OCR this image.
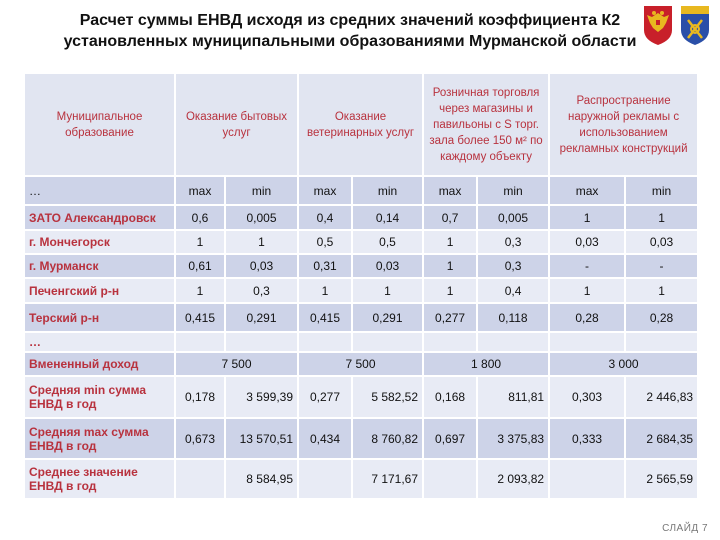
Расчет суммы ЕНВД исходя из средних значений коэффициента К2 установленных муниципальными образованиями Мурманской области
Муниципальное образование	Оказание бытовых услуг		Оказание ветеринарных услуг		Розничная торговля через магазины и павильоны с S торг. зала более 150 м² по каждому объекту		Распространение наружной рекламы с использованием рекламных конструкций	
…	max	min	max	min	max	min	max	min
ЗАТО Александровск	0,6	0,005	0,4	0,14	0,7	0,005	1	1
г. Мончегорск	1	1	0,5	0,5	1	0,3	0,03	0,03
г. Мурманск	0,61	0,03	0,31	0,03	1	0,3	-	-
Печенгский р-н	1	0,3	1	1	1	0,4	1	1
Терский р-н	0,415	0,291	0,415	0,291	0,277	0,118	0,28	0,28
…								
Вмененный доход	7 500		7 500		1 800		3 000	
Средняя min сумма ЕНВД в год	0,178	3 599,39	0,277	5 582,52	0,168	811,81	0,303	2 446,83
Средняя max сумма ЕНВД в год	0,673	13 570,51	0,434	8 760,82	0,697	3 375,83	0,333	2 684,35
Среднее значение ЕНВД в год		8 584,95		7 171,67		2 093,82		2 565,59
СЛАЙД 7
